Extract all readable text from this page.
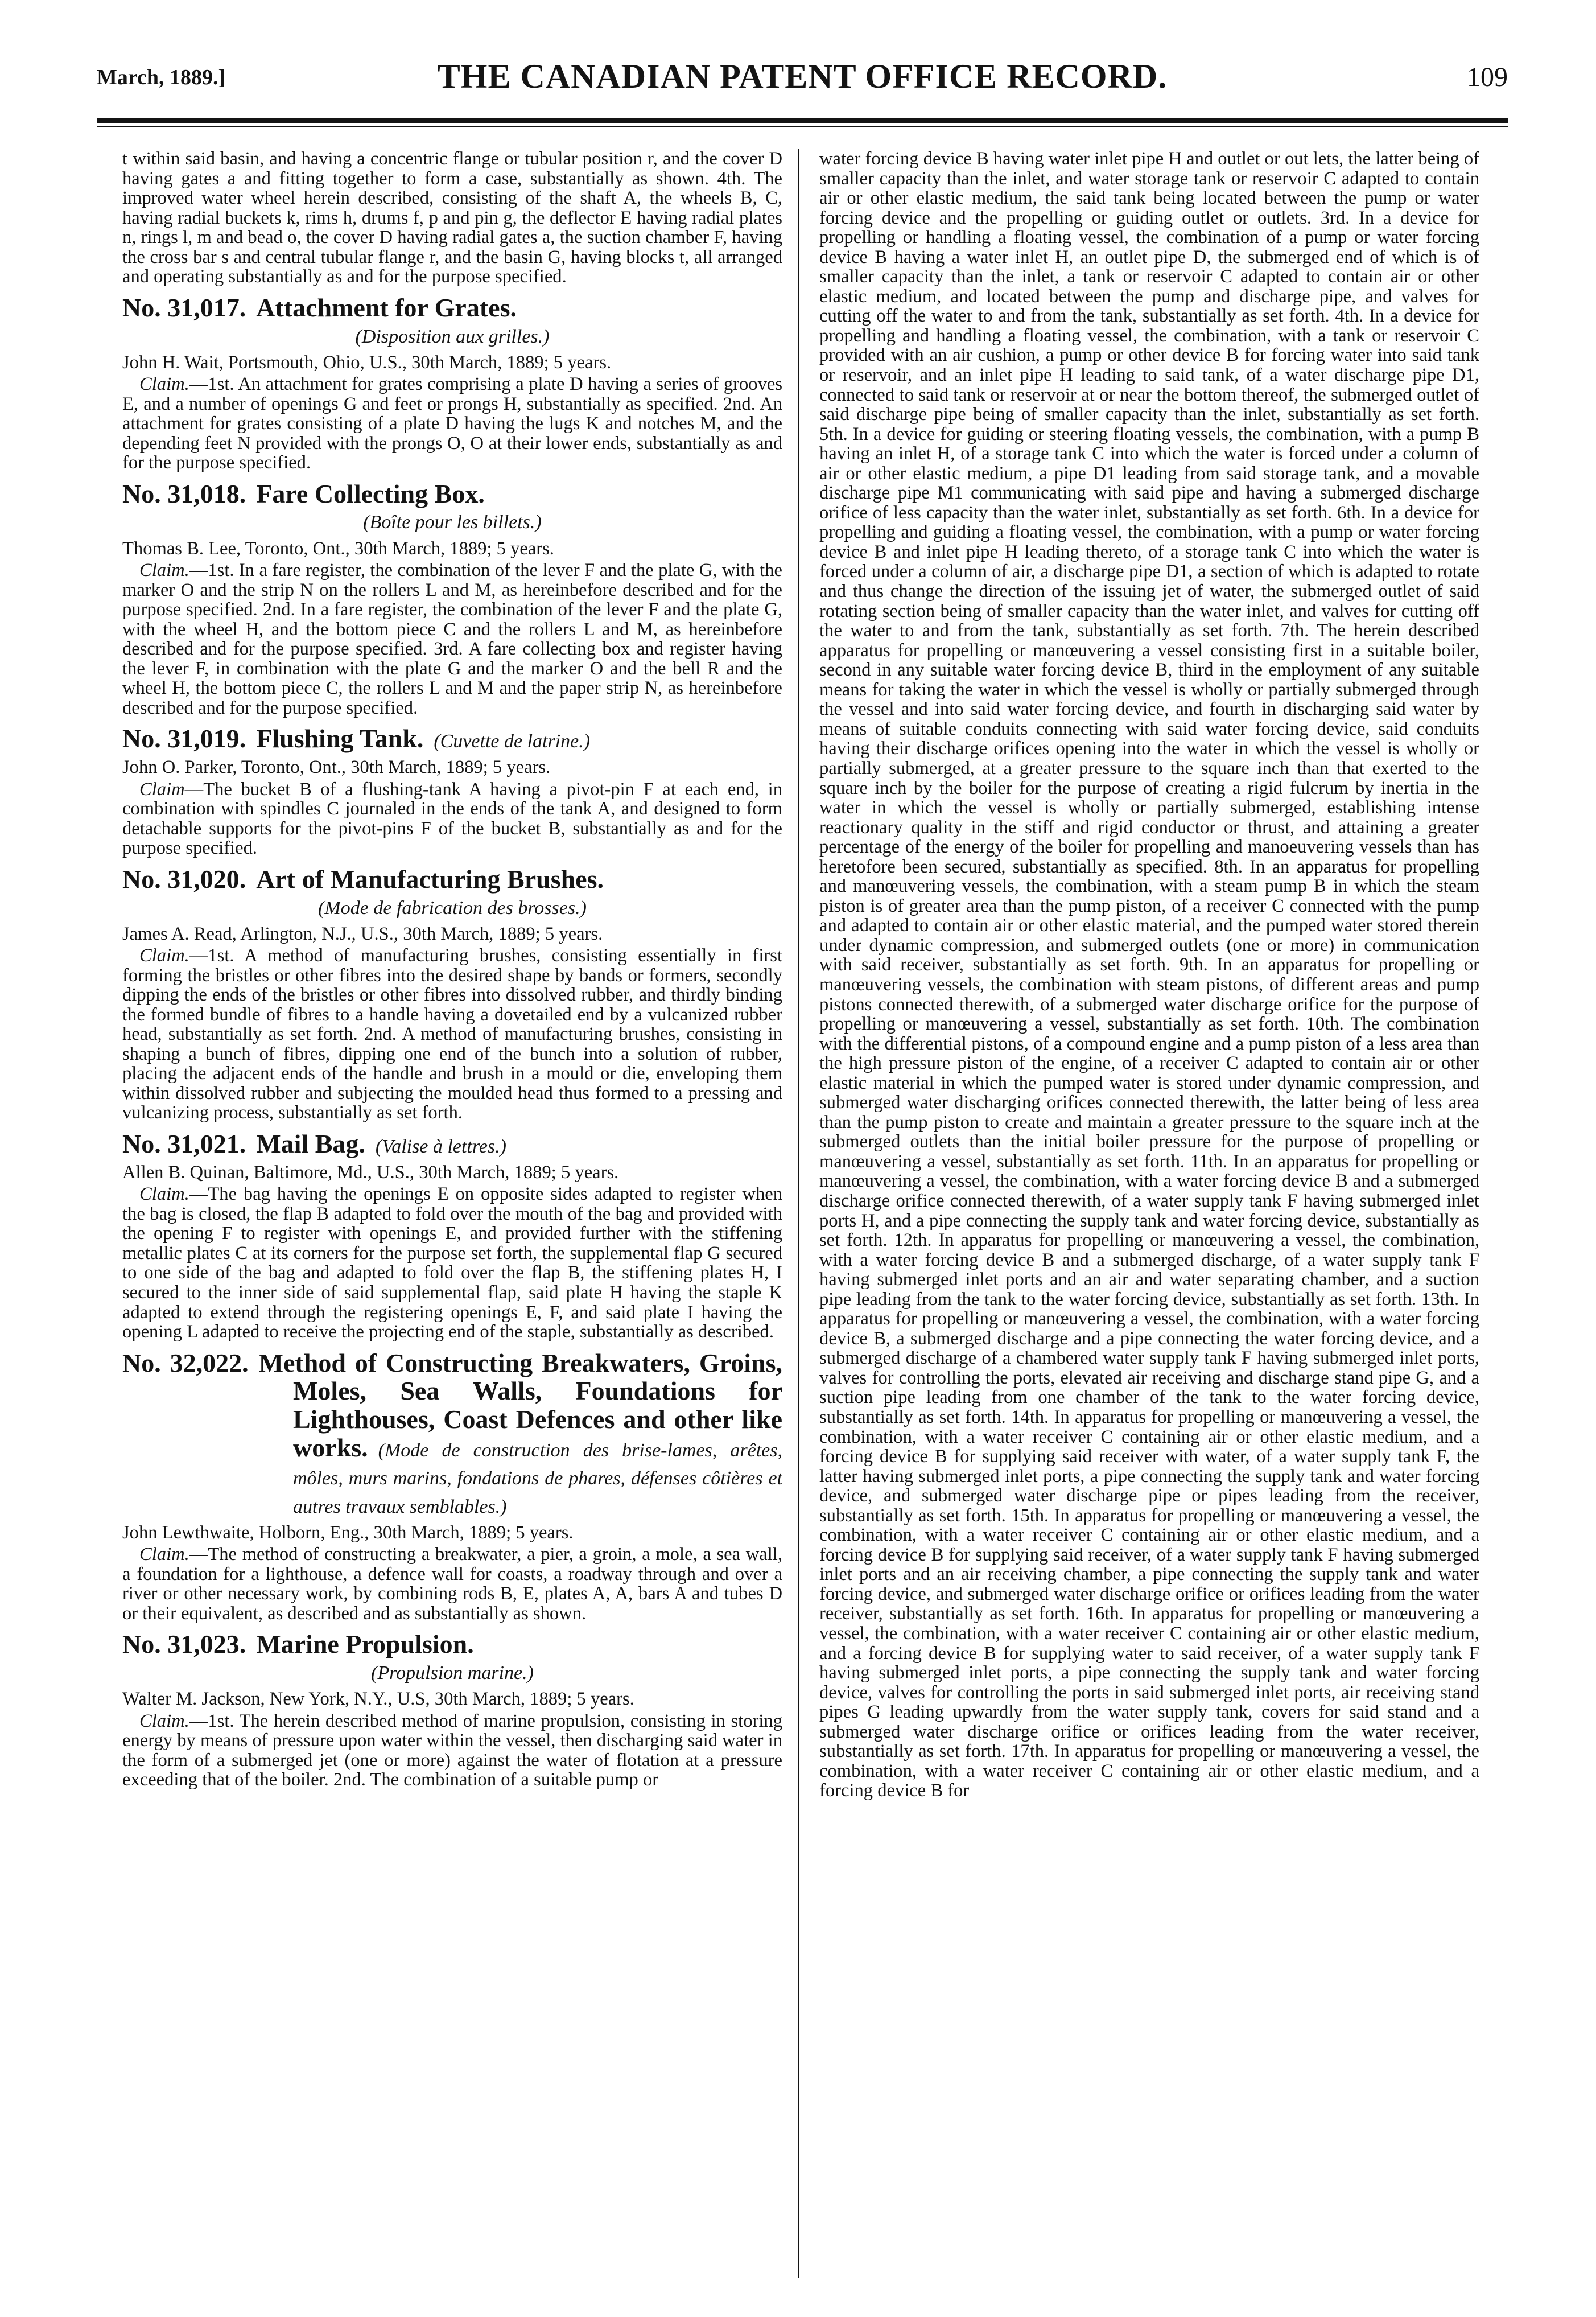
March, 1889.]	THE CANADIAN PATENT OFFICE RECORD.	109

t within said basin, and having a concentric flange or tubular position r, and the cover D having gates a and fitting together to form a case, substantially as shown. 4th. The improved water wheel herein described, consisting of the shaft A, the wheels B, C, having radial buckets k, rims h, drums f, p and pin g, the deflector E having radial plates n, rings l, m and bead o, the cover D having radial gates a, the suction chamber F, having the cross bar s and central tubular flange r, and the basin G, having blocks t, all arranged and operating substantially as and for the purpose specified.

No. 31,017. Attachment for Grates.
(Disposition aux grilles.)
John H. Wait, Portsmouth, Ohio, U.S., 30th March, 1889; 5 years.

Claim.—1st. An attachment for grates comprising a plate D having a series of grooves E, and a number of openings G and feet or prongs H, substantially as specified. 2nd. An attachment for grates consisting of a plate D having the lugs K and notches M, and the depending feet N provided with the prongs O, O at their lower ends, substantially as and for the purpose specified.

No. 31,018. Fare Collecting Box.
(Boîte pour les billets.)
Thomas B. Lee, Toronto, Ont., 30th March, 1889; 5 years.

Claim.—1st. In a fare register, the combination of the lever F and the plate G, with the marker O and the strip N on the rollers L and M, as hereinbefore described and for the purpose specified. 2nd. In a fare register, the combination of the lever F and the plate G, with the wheel H, and the bottom piece C and the rollers L and M, as hereinbefore described and for the purpose specified. 3rd. A fare collecting box and register having the lever F, in combination with the plate G and the marker O and the bell R and the wheel H, the bottom piece C, the rollers L and M and the paper strip N, as hereinbefore described and for the purpose specified.

No. 31,019. Flushing Tank. (Cuvette de latrine.)
John O. Parker, Toronto, Ont., 30th March, 1889; 5 years.

Claim—The bucket B of a flushing-tank A having a pivot-pin F at each end, in combination with spindles C journaled in the ends of the tank A, and designed to form detachable supports for the pivot-pins F of the bucket B, substantially as and for the purpose specified.

No. 31,020. Art of Manufacturing Brushes.
(Mode de fabrication des brosses.)
James A. Read, Arlington, N.J., U.S., 30th March, 1889; 5 years.

Claim.—1st. A method of manufacturing brushes, consisting essentially in first forming the bristles or other fibres into the desired shape by bands or formers, secondly dipping the ends of the bristles or other fibres into dissolved rubber, and thirdly binding the formed bundle of fibres to a handle having a dovetailed end by a vulcanized rubber head, substantially as set forth. 2nd. A method of manufacturing brushes, consisting in shaping a bunch of fibres, dipping one end of the bunch into a solution of rubber, placing the adjacent ends of the handle and brush in a mould or die, enveloping them within dissolved rubber and subjecting the moulded head thus formed to a pressing and vulcanizing process, substantially as set forth.

No. 31,021. Mail Bag. (Valise à lettres.)
Allen B. Quinan, Baltimore, Md., U.S., 30th March, 1889; 5 years.

Claim.—The bag having the openings E on opposite sides adapted to register when the bag is closed, the flap B adapted to fold over the mouth of the bag and provided with the opening F to register with openings E, and provided further with the stiffening metallic plates C at its corners for the purpose set forth, the supplemental flap G secured to one side of the bag and adapted to fold over the flap B, the stiffening plates H, I secured to the inner side of said supplemental flap, said plate H having the staple K adapted to extend through the registering openings E, F, and said plate I having the opening L adapted to receive the projecting end of the staple, substantially as described.

No. 32,022. Method of Constructing Breakwaters, Groins, Moles, Sea Walls, Foundations for Lighthouses, Coast Defences and other like works. (Mode de construction des brise-lames, arêtes, môles, murs marins, fondations de phares, défenses côtières et autres travaux semblables.)
John Lewthwaite, Holborn, Eng., 30th March, 1889; 5 years.

Claim.—The method of constructing a breakwater, a pier, a groin, a mole, a sea wall, a foundation for a lighthouse, a defence wall for coasts, a roadway through and over a river or other necessary work, by combining rods B, E, plates A, A, bars A and tubes D or their equivalent, as described and as substantially as shown.

No. 31,023. Marine Propulsion.
(Propulsion marine.)
Walter M. Jackson, New York, N.Y., U.S, 30th March, 1889; 5 years.

Claim.—1st. The herein described method of marine propulsion, consisting in storing energy by means of pressure upon water within the vessel, then discharging said water in the form of a submerged jet (one or more) against the water of flotation at a pressure exceeding that of the boiler. 2nd. The combination of a suitable pump or

water forcing device B having water inlet pipe H and outlet or out lets, the latter being of smaller capacity than the inlet, and water storage tank or reservoir C adapted to contain air or other elastic medium, the said tank being located between the pump or water forcing device and the propelling or guiding outlet or outlets. 3rd. In a device for propelling or handling a floating vessel, the combination of a pump or water forcing device B having a water inlet H, an outlet pipe D, the submerged end of which is of smaller capacity than the inlet, a tank or reservoir C adapted to contain air or other elastic medium, and located between the pump and discharge pipe, and valves for cutting off the water to and from the tank, substantially as set forth. 4th. In a device for propelling and handling a floating vessel, the combination, with a tank or reservoir C provided with an air cushion, a pump or other device B for forcing water into said tank or reservoir, and an inlet pipe H leading to said tank, of a water discharge pipe D1, connected to said tank or reservoir at or near the bottom thereof, the submerged outlet of said discharge pipe being of smaller capacity than the inlet, substantially as set forth. 5th. In a device for guiding or steering floating vessels, the combination, with a pump B having an inlet H, of a storage tank C into which the water is forced under a column of air or other elastic medium, a pipe D1 leading from said storage tank, and a movable discharge pipe M1 communicating with said pipe and having a submerged discharge orifice of less capacity than the water inlet, substantially as set forth. 6th. In a device for propelling and guiding a floating vessel, the combination, with a pump or water forcing device B and inlet pipe H leading thereto, of a storage tank C into which the water is forced under a column of air, a discharge pipe D1, a section of which is adapted to rotate and thus change the direction of the issuing jet of water, the submerged outlet of said rotating section being of smaller capacity than the water inlet, and valves for cutting off the water to and from the tank, substantially as set forth. 7th. The herein described apparatus for propelling or manœuvering a vessel consisting first in a suitable boiler, second in any suitable water forcing device B, third in the employment of any suitable means for taking the water in which the vessel is wholly or partially submerged through the vessel and into said water forcing device, and fourth in discharging said water by means of suitable conduits connecting with said water forcing device, said conduits having their discharge orifices opening into the water in which the vessel is wholly or partially submerged, at a greater pressure to the square inch than that exerted to the square inch by the boiler for the purpose of creating a rigid fulcrum by inertia in the water in which the vessel is wholly or partially submerged, establishing intense reactionary quality in the stiff and rigid conductor or thrust, and attaining a greater percentage of the energy of the boiler for propelling and manoeuvering vessels than has heretofore been secured, substantially as specified. 8th. In an apparatus for propelling and manœuvering vessels, the combination, with a steam pump B in which the steam piston is of greater area than the pump piston, of a receiver C connected with the pump and adapted to contain air or other elastic material, and the pumped water stored therein under dynamic compression, and submerged outlets (one or more) in communication with said receiver, substantially as set forth. 9th. In an apparatus for propelling or manœuvering vessels, the combination with steam pistons, of different areas and pump pistons connected therewith, of a submerged water discharge orifice for the purpose of propelling or manœuvering a vessel, substantially as set forth. 10th. The combination with the differential pistons, of a compound engine and a pump piston of a less area than the high pressure piston of the engine, of a receiver C adapted to contain air or other elastic material in which the pumped water is stored under dynamic compression, and submerged water discharging orifices connected therewith, the latter being of less area than the pump piston to create and maintain a greater pressure to the square inch at the submerged outlets than the initial boiler pressure for the purpose of propelling or manœuvering a vessel, substantially as set forth. 11th. In an apparatus for propelling or manœuvering a vessel, the combination, with a water forcing device B and a submerged discharge orifice connected therewith, of a water supply tank F having submerged inlet ports H, and a pipe connecting the supply tank and water forcing device, substantially as set forth. 12th. In apparatus for propelling or manœuvering a vessel, the combination, with a water forcing device B and a submerged discharge, of a water supply tank F having submerged inlet ports and an air and water separating chamber, and a suction pipe leading from the tank to the water forcing device, substantially as set forth. 13th. In apparatus for propelling or manœuvering a vessel, the combination, with a water forcing device B, a submerged discharge and a pipe connecting the water forcing device, and a submerged discharge of a chambered water supply tank F having submerged inlet ports, valves for controlling the ports, elevated air receiving and discharge stand pipe G, and a suction pipe leading from one chamber of the tank to the water forcing device, substantially as set forth. 14th. In apparatus for propelling or manœuvering a vessel, the combination, with a water receiver C containing air or other elastic medium, and a forcing device B for supplying said receiver with water, of a water supply tank F, the latter having submerged inlet ports, a pipe connecting the supply tank and water forcing device, and submerged water discharge pipe or pipes leading from the receiver, substantially as set forth. 15th. In apparatus for propelling or manœuvering a vessel, the combination, with a water receiver C containing air or other elastic medium, and a forcing device B for supplying said receiver, of a water supply tank F having submerged inlet ports and an air receiving chamber, a pipe connecting the supply tank and water forcing device, and submerged water discharge orifice or orifices leading from the water receiver, substantially as set forth. 16th. In apparatus for propelling or manœuvering a vessel, the combination, with a water receiver C containing air or other elastic medium, and a forcing device B for supplying water to said receiver, of a water supply tank F having submerged inlet ports, a pipe connecting the supply tank and water forcing device, valves for controlling the ports in said submerged inlet ports, air receiving stand pipes G leading upwardly from the water supply tank, covers for said stand and a submerged water discharge orifice or orifices leading from the water receiver, substantially as set forth. 17th. In apparatus for propelling or manœuvering a vessel, the combination, with a water receiver C containing air or other elastic medium, and a forcing device B for
